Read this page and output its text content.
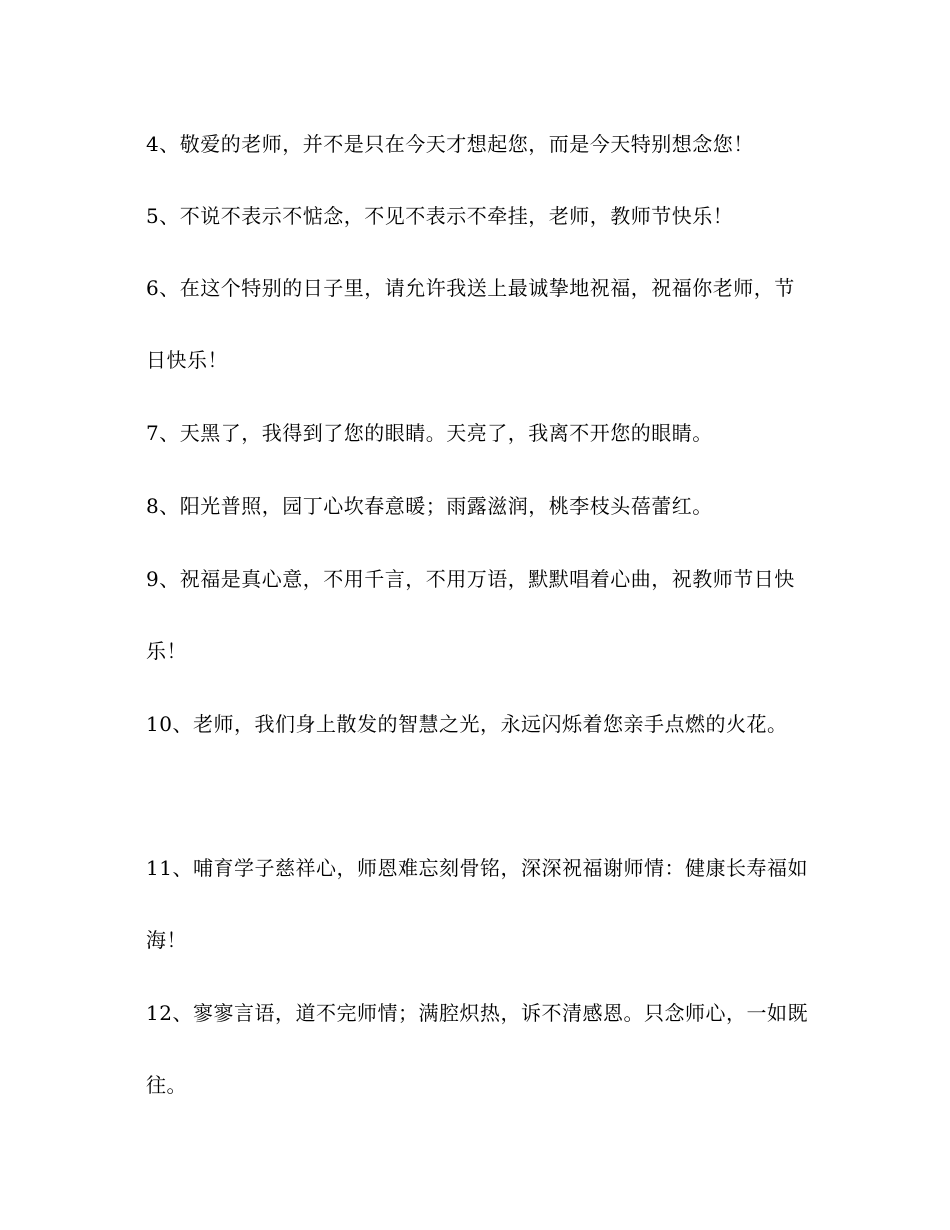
4、敬爱的老师，并不是只在今天才想起您，而是今天特别想念您！

5、不说不表示不惦念，不见不表示不牵挂，老师，教师节快乐！

6、在这个特别的日子里，请允许我送上最诚挚地祝福，祝福你老师，节日快乐！

7、天黑了，我得到了您的眼睛。天亮了，我离不开您的眼睛。

8、阳光普照，园丁心坎春意暖；雨露滋润，桃李枝头蓓蕾红。

9、祝福是真心意，不用千言，不用万语，默默唱着心曲，祝教师节日快乐！

10、老师，我们身上散发的智慧之光，永远闪烁着您亲手点燃的火花。

11、哺育学子慈祥心，师恩难忘刻骨铭，深深祝福谢师情：健康长寿福如海！

12、寥寥言语，道不完师情；满腔炽热，诉不清感恩。只念师心，一如既往。
